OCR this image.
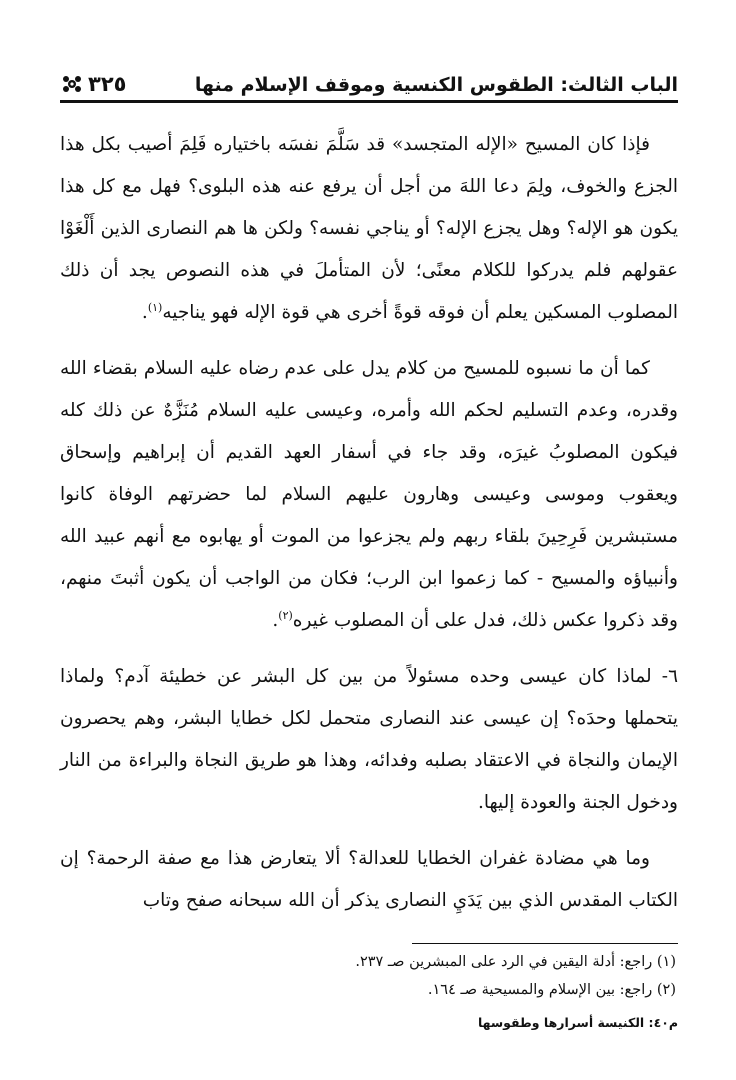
الباب الثالث: الطقوس الكنسية وموقف الإسلام منها
٣٢٥

فإذا كان المسيح «الإله المتجسد» قد سَلَّمَ نفسَه باختياره فَلِمَ أصيب بكل هذا الجزع والخوف، ولِمَ دعا اللهَ من أجل أن يرفع عنه هذه البلوى؟ فهل مع كل هذا يكون هو الإله؟ وهل يجزع الإله؟ أو يناجي نفسه؟ ولكن ها هم النصارى الذين أَلْغَوْا عقولهم فلم يدركوا للكلام معنًى؛ لأن المتأملَ في هذه النصوص يجد أن ذلك المصلوب المسكين يعلم أن فوقه قوةً أخرى هي قوة الإله فهو يناجيه$^{(١)}$.

كما أن ما نسبوه للمسيح من كلام يدل على عدم رضاه عليه السلام بقضاء الله وقدره، وعدم التسليم لحكم الله وأمره، وعيسى عليه السلام مُنَزَّهٌ عن ذلك كله فيكون المصلوبُ غيرَه، وقد جاء في أسفار العهد القديم أن إبراهيم وإسحاق ويعقوب وموسى وعيسى وهارون عليهم السلام لما حضرتهم الوفاة كانوا مستبشرين فَرِحِينَ بلقاء ربهم ولم يجزعوا من الموت أو يهابوه مع أنهم عبيد الله وأنبياؤه والمسيح - كما زعموا ابن الرب؛ فكان من الواجب أن يكون أثبتَ منهم، وقد ذكروا عكس ذلك، فدل على أن المصلوب غيره$^{(٢)}$.

٦- لماذا كان عيسى وحده مسئولاً من بين كل البشر عن خطيئة آدم؟ ولماذا يتحملها وحدَه؟ إن عيسى عند النصارى متحمل لكل خطايا البشر، وهم يحصرون الإيمان والنجاة في الاعتقاد بصلبه وفدائه، وهذا هو طريق النجاة والبراءة من النار ودخول الجنة والعودة إليها.

وما هي مضادة غفران الخطايا للعدالة؟ ألا يتعارض هذا مع صفة الرحمة؟ إن الكتاب المقدس الذي بين يَدَيِ النصارى يذكر أن الله سبحانه صفح وتاب

(١) راجع: أدلة اليقين في الرد على المبشرين صـ ٢٣٧.

(٢) راجع: بين الإسلام والمسيحية صـ ١٦٤.

م٤٠: الكنيسة أسرارها وطقوسها
